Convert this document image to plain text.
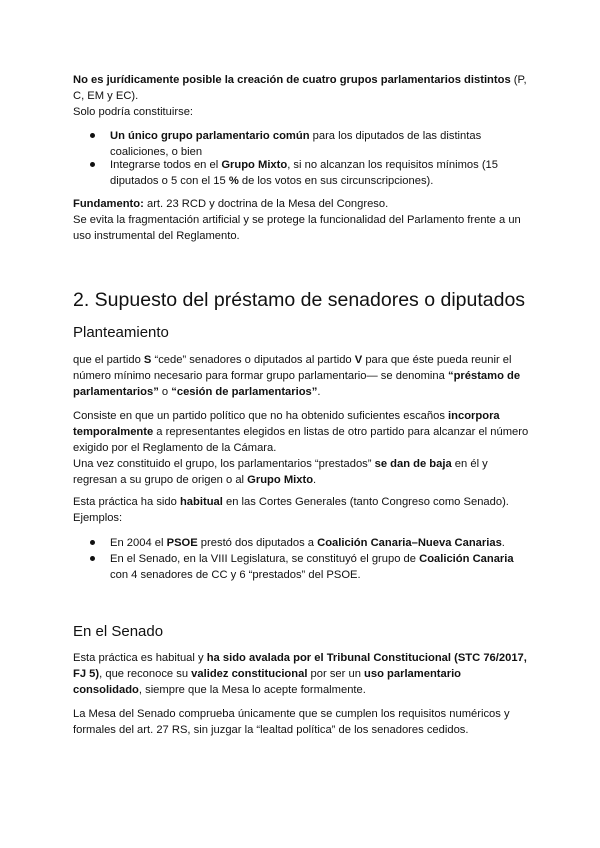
No es jurídicamente posible la creación de cuatro grupos parlamentarios distintos (P, C, EM y EC).
Solo podría constituirse:

Un único grupo parlamentario común para los diputados de las distintas coaliciones, o bien
Integrarse todos en el Grupo Mixto, si no alcanzan los requisitos mínimos (15 diputados o 5 con el 15 % de los votos en sus circunscripciones).

Fundamento: art. 23 RCD y doctrina de la Mesa del Congreso.
Se evita la fragmentación artificial y se protege la funcionalidad del Parlamento frente a un uso instrumental del Reglamento.

2. Supuesto del préstamo de senadores o diputados
Planteamiento

que el partido S “cede” senadores o diputados al partido V para que éste pueda reunir el número mínimo necesario para formar grupo parlamentario— se denomina “préstamo de parlamentarios” o “cesión de parlamentarios”.

Consiste en que un partido político que no ha obtenido suficientes escaños incorpora temporalmente a representantes elegidos en listas de otro partido para alcanzar el número exigido por el Reglamento de la Cámara.
Una vez constituido el grupo, los parlamentarios “prestados” se dan de baja en él y regresan a su grupo de origen o al Grupo Mixto.

Esta práctica ha sido habitual en las Cortes Generales (tanto Congreso como Senado). Ejemplos:

En 2004 el PSOE prestó dos diputados a Coalición Canaria–Nueva Canarias.
En el Senado, en la VIII Legislatura, se constituyó el grupo de Coalición Canaria con 4 senadores de CC y 6 “prestados” del PSOE.
En el Senado

Esta práctica es habitual y ha sido avalada por el Tribunal Constitucional (STC 76/2017, FJ 5), que reconoce su validez constitucional por ser un uso parlamentario consolidado, siempre que la Mesa lo acepte formalmente.

La Mesa del Senado comprueba únicamente que se cumplen los requisitos numéricos y formales del art. 27 RS, sin juzgar la “lealtad política” de los senadores cedidos.
